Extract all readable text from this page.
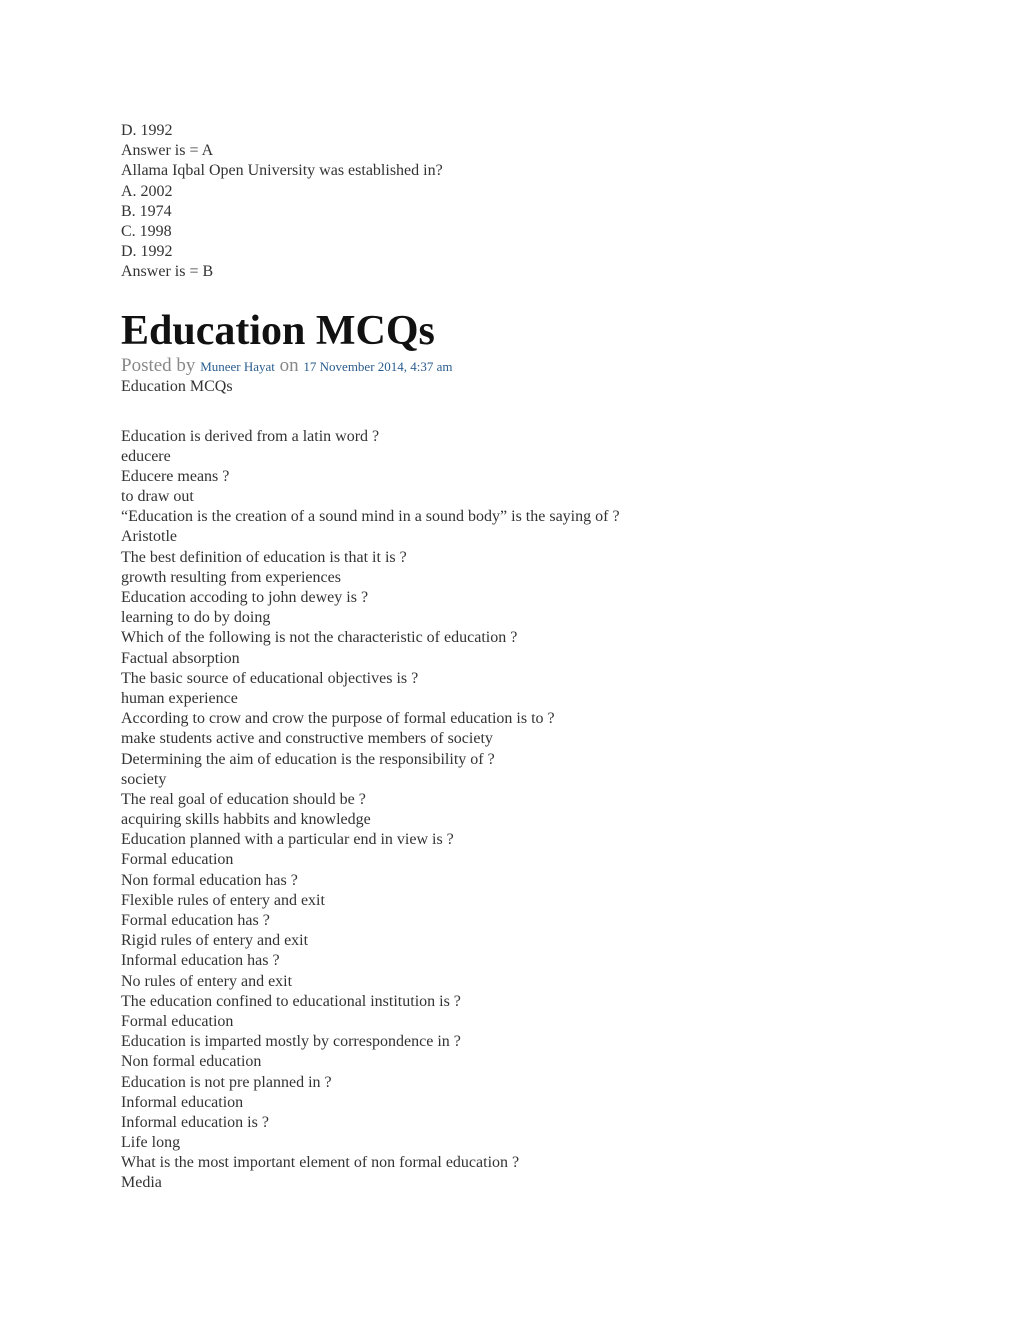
D. 1992
Answer is = A
Allama Iqbal Open University was established in?
A. 2002
B. 1974
C. 1998
D. 1992
Answer is = B
Education MCQs
Posted by Muneer Hayat on 17 November 2014, 4:37 am
Education MCQs
Education is derived from a latin word ?
educere
Educere means ?
to draw out
“Education is the creation of a sound mind in a sound body” is the saying of ?
Aristotle
The best definition of education is that it is ?
growth resulting from experiences
Education accoding to john dewey is ?
learning to do by doing
Which of the following is not the characteristic of education ?
Factual absorption
The basic source of educational objectives is ?
human experience
According to crow and crow the purpose of formal education is to ?
make students active and constructive members of society
Determining the aim of education is the responsibility of ?
society
The real goal of education should be ?
acquiring skills habbits and knowledge
Education planned with a particular end in view is ?
Formal education
Non formal education has ?
Flexible rules of entery and exit
Formal education has ?
Rigid rules of entery and exit
Informal education has ?
No rules of entery and exit
The education confined to educational institution is ?
Formal education
Education is imparted mostly by correspondence in ?
Non formal education
Education is not pre planned in ?
Informal education
Informal education is ?
Life long
What is the most important element of non formal education ?
Media
